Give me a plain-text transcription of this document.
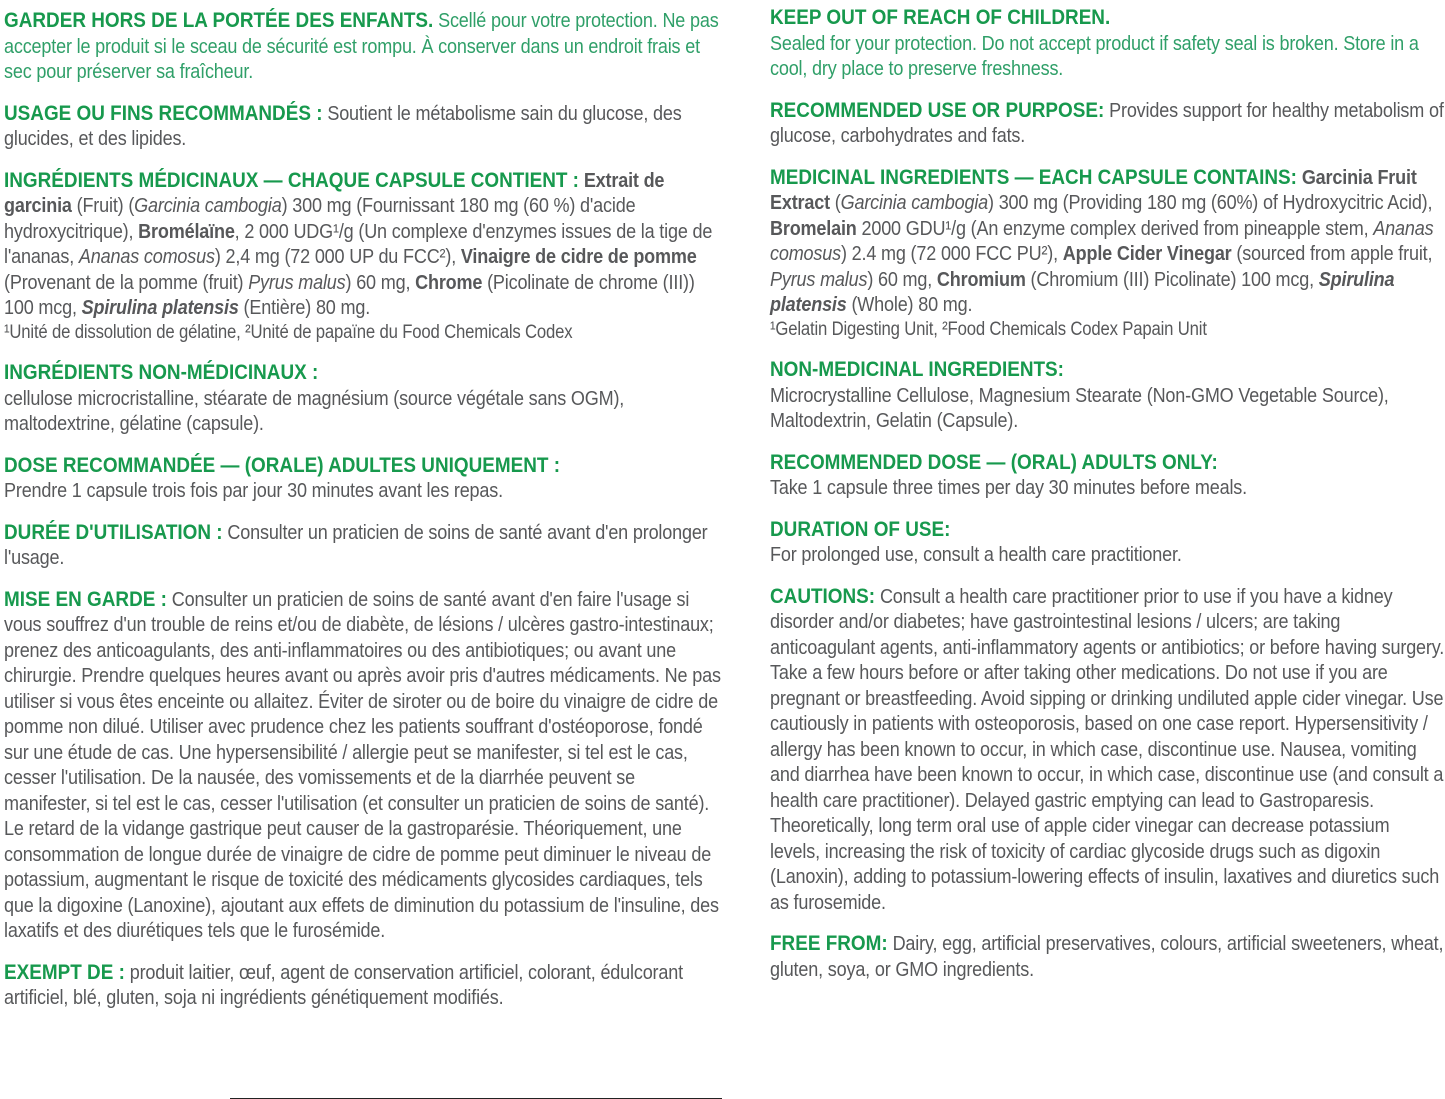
GARDER HORS DE LA PORTÉE DES ENFANTS. Scellé pour votre protection. Ne pas accepter le produit si le sceau de sécurité est rompu. À conserver dans un endroit frais et sec pour préserver sa fraîcheur.

USAGE OU FINS RECOMMANDÉS : Soutient le métabolisme sain du glucose, des glucides, et des lipides.

INGRÉDIENTS MÉDICINAUX — CHAQUE CAPSULE CONTIENT : Extrait de garcinia (Fruit) (Garcinia cambogia) 300 mg (Fournissant 180 mg (60 %) d'acide hydroxycitrique), Bromélaïne, 2 000 UDG¹/g (Un complexe d'enzymes issues de la tige de l'ananas, Ananas comosus) 2,4 mg (72 000 UP du FCC²), Vinaigre de cidre de pomme (Provenant de la pomme (fruit) Pyrus malus) 60 mg, Chrome (Picolinate de chrome (III)) 100 mcg, Spirulina platensis (Entière) 80 mg.

¹Unité de dissolution de gélatine, ²Unité de papaïne du Food Chemicals Codex

INGRÉDIENTS NON-MÉDICINAUX :
cellulose microcristalline, stéarate de magnésium (source végétale sans OGM), maltodextrine, gélatine (capsule).

DOSE RECOMMANDÉE — (ORALE) ADULTES UNIQUEMENT :
Prendre 1 capsule trois fois par jour 30 minutes avant les repas.

DURÉE D'UTILISATION : Consulter un praticien de soins de santé avant d'en prolonger l'usage.

MISE EN GARDE : Consulter un praticien de soins de santé avant d'en faire l'usage si vous souffrez d'un trouble de reins et/ou de diabète, de lésions / ulcères gastro-intestinaux; prenez des anticoagulants, des anti-inflammatoires ou des antibiotiques; ou avant une chirurgie. Prendre quelques heures avant ou après avoir pris d'autres médicaments. Ne pas utiliser si vous êtes enceinte ou allaitez. Éviter de siroter ou de boire du vinaigre de cidre de pomme non dilué. Utiliser avec prudence chez les patients souffrant d'ostéoporose, fondé sur une étude de cas. Une hypersensibilité / allergie peut se manifester, si tel est le cas, cesser l'utilisation. De la nausée, des vomissements et de la diarrhée peuvent se manifester, si tel est le cas, cesser l'utilisation (et consulter un praticien de soins de santé). Le retard de la vidange gastrique peut causer de la gastroparésie. Théoriquement, une consommation de longue durée de vinaigre de cidre de pomme peut diminuer le niveau de potassium, augmentant le risque de toxicité des médicaments glycosides cardiaques, tels que la digoxine (Lanoxine), ajoutant aux effets de diminution du potassium de l'insuline, des laxatifs et des diurétiques tels que le furosémide.

EXEMPT DE : produit laitier, œuf, agent de conservation artificiel, colorant, édulcorant artificiel, blé, gluten, soja ni ingrédients génétiquement modifiés.

KEEP OUT OF REACH OF CHILDREN.
Sealed for your protection. Do not accept product if safety seal is broken. Store in a cool, dry place to preserve freshness.

RECOMMENDED USE OR PURPOSE: Provides support for healthy metabolism of glucose, carbohydrates and fats.

MEDICINAL INGREDIENTS — EACH CAPSULE CONTAINS: Garcinia Fruit Extract (Garcinia cambogia) 300 mg (Providing 180 mg (60%) of Hydroxycitric Acid), Bromelain 2000 GDU¹/g (An enzyme complex derived from pineapple stem, Ananas comosus) 2.4 mg (72 000 FCC PU²), Apple Cider Vinegar (sourced from apple fruit, Pyrus malus) 60 mg, Chromium (Chromium (III) Picolinate) 100 mcg, Spirulina platensis (Whole) 80 mg.

¹Gelatin Digesting Unit, ²Food Chemicals Codex Papain Unit

NON-MEDICINAL INGREDIENTS:
Microcrystalline Cellulose, Magnesium Stearate (Non-GMO Vegetable Source), Maltodextrin, Gelatin (Capsule).

RECOMMENDED DOSE — (ORAL) ADULTS ONLY:
Take 1 capsule three times per day 30 minutes before meals.

DURATION OF USE:
For prolonged use, consult a health care practitioner.

CAUTIONS: Consult a health care practitioner prior to use if you have a kidney disorder and/or diabetes; have gastrointestinal lesions / ulcers; are taking anticoagulant agents, anti-inflammatory agents or antibiotics; or before having surgery. Take a few hours before or after taking other medications. Do not use if you are pregnant or breastfeeding. Avoid sipping or drinking undiluted apple cider vinegar. Use cautiously in patients with osteoporosis, based on one case report. Hypersensitivity / allergy has been known to occur, in which case, discontinue use. Nausea, vomiting and diarrhea have been known to occur, in which case, discontinue use (and consult a health care practitioner). Delayed gastric emptying can lead to Gastroparesis. Theoretically, long term oral use of apple cider vinegar can decrease potassium levels, increasing the risk of toxicity of cardiac glycoside drugs such as digoxin (Lanoxin), adding to potassium-lowering effects of insulin, laxatives and diuretics such as furosemide.

FREE FROM: Dairy, egg, artificial preservatives, colours, artificial sweeteners, wheat, gluten, soya, or GMO ingredients.
